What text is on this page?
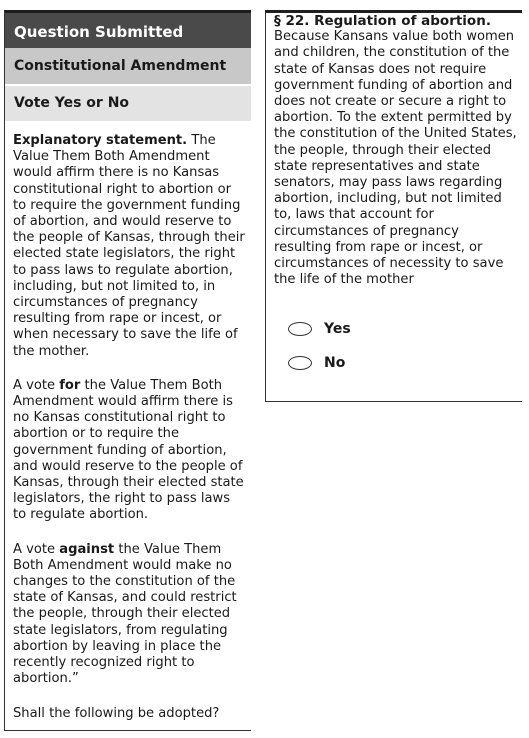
Question Submitted
Constitutional Amendment
Vote Yes or No

Explanatory statement. The Value Them Both Amendment would affirm there is no Kansas constitutional right to abortion or to require the government funding of abortion, and would reserve to the people of Kansas, through their elected state legislators, the right to pass laws to regulate abortion, including, but not limited to, in circumstances of pregnancy resulting from rape or incest, or when necessary to save the life of the mother.

A vote for the Value Them Both Amendment would affirm there is no Kansas constitutional right to abortion or to require the government funding of abortion, and would reserve to the people of Kansas, through their elected state legislators, the right to pass laws to regulate abortion.

A vote against the Value Them Both Amendment would make no changes to the constitution of the state of Kansas, and could restrict the people, through their elected state legislators, from regulating abortion by leaving in place the recently recognized right to abortion.”

Shall the following be adopted?

§ 22. Regulation of abortion.
Because Kansans value both women and children, the constitution of the state of Kansas does not require government funding of abortion and does not create or secure a right to abortion. To the extent permitted by the constitution of the United States, the people, through their elected state representatives and state senators, may pass laws regarding abortion, including, but not limited to, laws that account for circumstances of pregnancy resulting from rape or incest, or circumstances of necessity to save the life of the mother
Yes
No
